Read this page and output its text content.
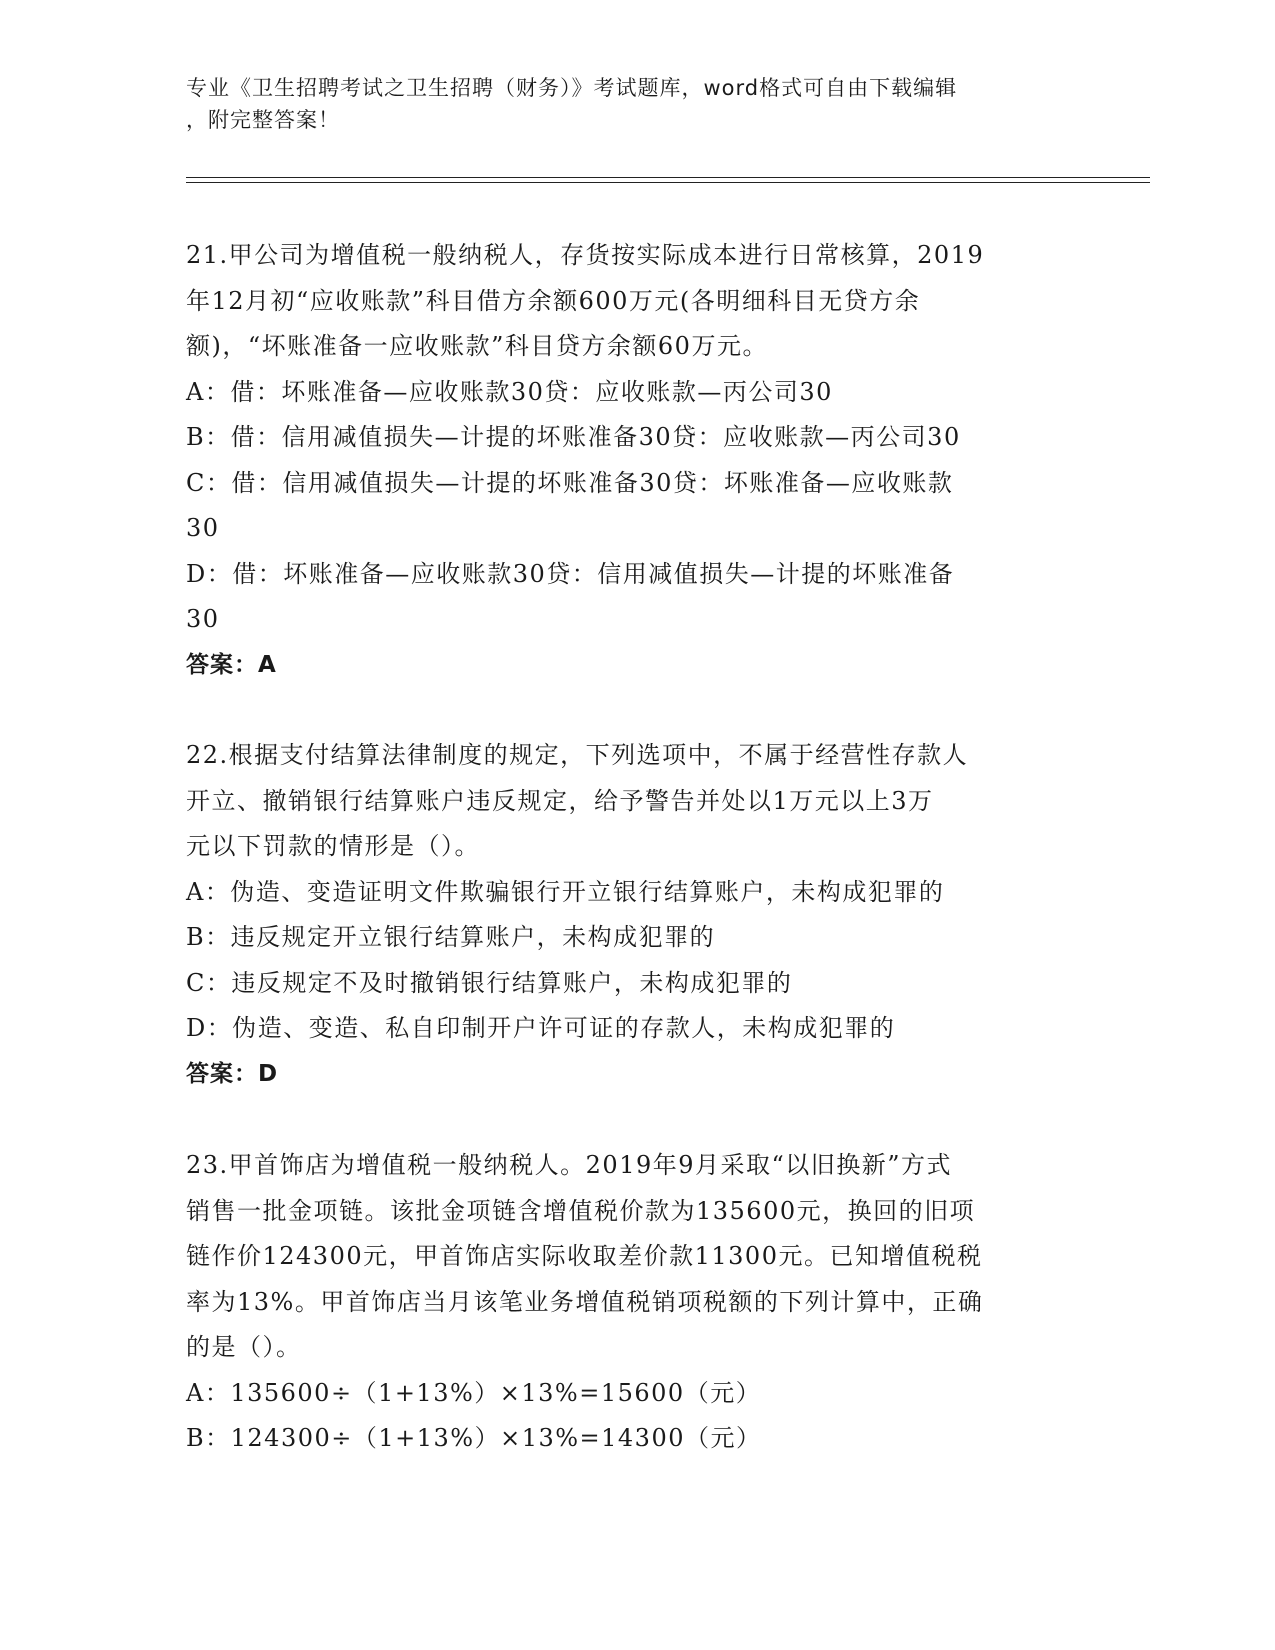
专业《卫生招聘考试之卫生招聘（财务）》考试题库，word格式可自由下载编辑
，附完整答案！
21.甲公司为增值税一般纳税人，存货按实际成本进行日常核算，2019
年12月初“应收账款”科目借方余额600万元(各明细科目无贷方余
额)，“坏账准备一应收账款”科目贷方余额60万元。
A：借：坏账准备—应收账款30贷：应收账款—丙公司30
B：借：信用减值损失—计提的坏账准备30贷：应收账款—丙公司30
C：借：信用减值损失—计提的坏账准备30贷：坏账准备—应收账款
30
D：借：坏账准备—应收账款30贷：信用减值损失—计提的坏账准备
30
答案：A
22.根据支付结算法律制度的规定，下列选项中，不属于经营性存款人
开立、撤销银行结算账户违反规定，给予警告并处以1万元以上3万
元以下罚款的情形是（）。
A：伪造、变造证明文件欺骗银行开立银行结算账户，未构成犯罪的
B：违反规定开立银行结算账户，未构成犯罪的
C：违反规定不及时撤销银行结算账户，未构成犯罪的
D：伪造、变造、私自印制开户许可证的存款人，未构成犯罪的
答案：D
23.甲首饰店为增值税一般纳税人。2019年9月采取“以旧换新”方式
销售一批金项链。该批金项链含增值税价款为135600元，换回的旧项
链作价124300元，甲首饰店实际收取差价款11300元。已知增值税税
率为13%。甲首饰店当月该笔业务增值税销项税额的下列计算中，正确
的是（）。
A：135600÷（1+13%）×13%=15600（元）
B：124300÷（1+13%）×13%=14300（元）
